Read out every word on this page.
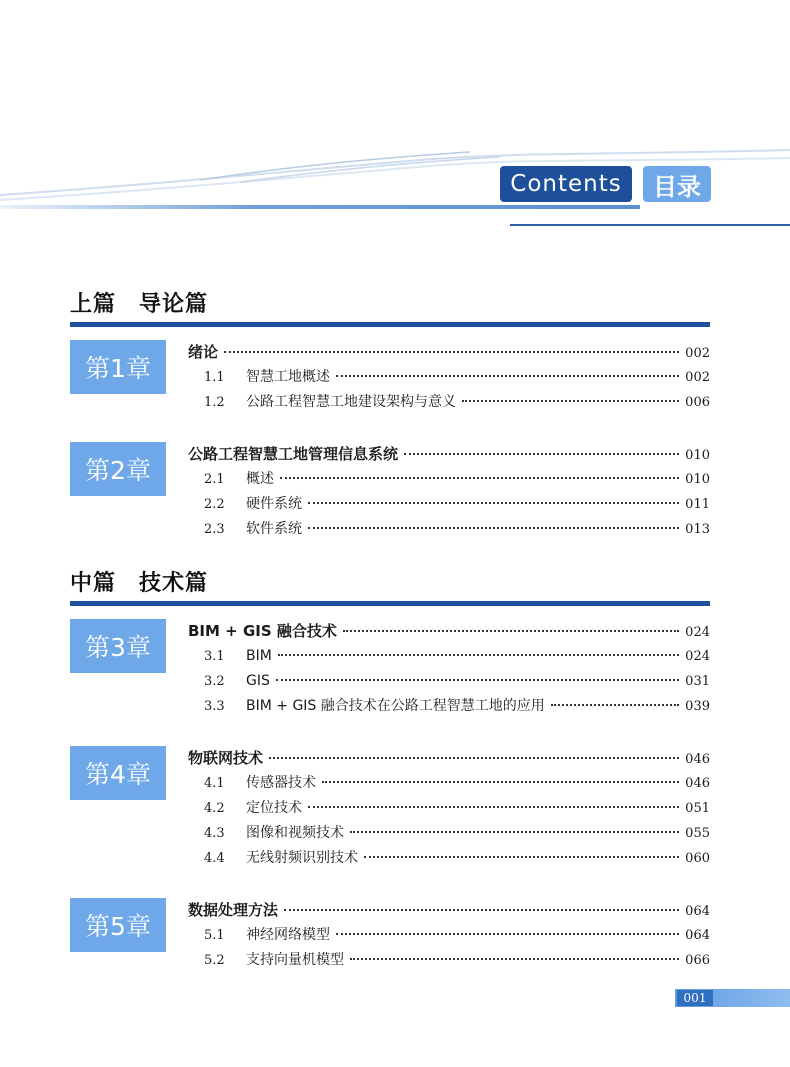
Contents	目录
上篇　导论篇
第1章
绪论	002
1.1	智慧工地概述	002
1.2	公路工程智慧工地建设架构与意义	006
第2章
公路工程智慧工地管理信息系统	010
2.1	概述	010
2.2	硬件系统	011
2.3	软件系统	013
中篇　技术篇
第3章
BIM + GIS 融合技术	024
3.1	BIM	024
3.2	GIS	031
3.3	BIM + GIS 融合技术在公路工程智慧工地的应用	039
第4章
物联网技术	046
4.1	传感器技术	046
4.2	定位技术	051
4.3	图像和视频技术	055
4.4	无线射频识别技术	060
第5章
数据处理方法	064
5.1	神经网络模型	064
5.2	支持向量机模型	066
001
